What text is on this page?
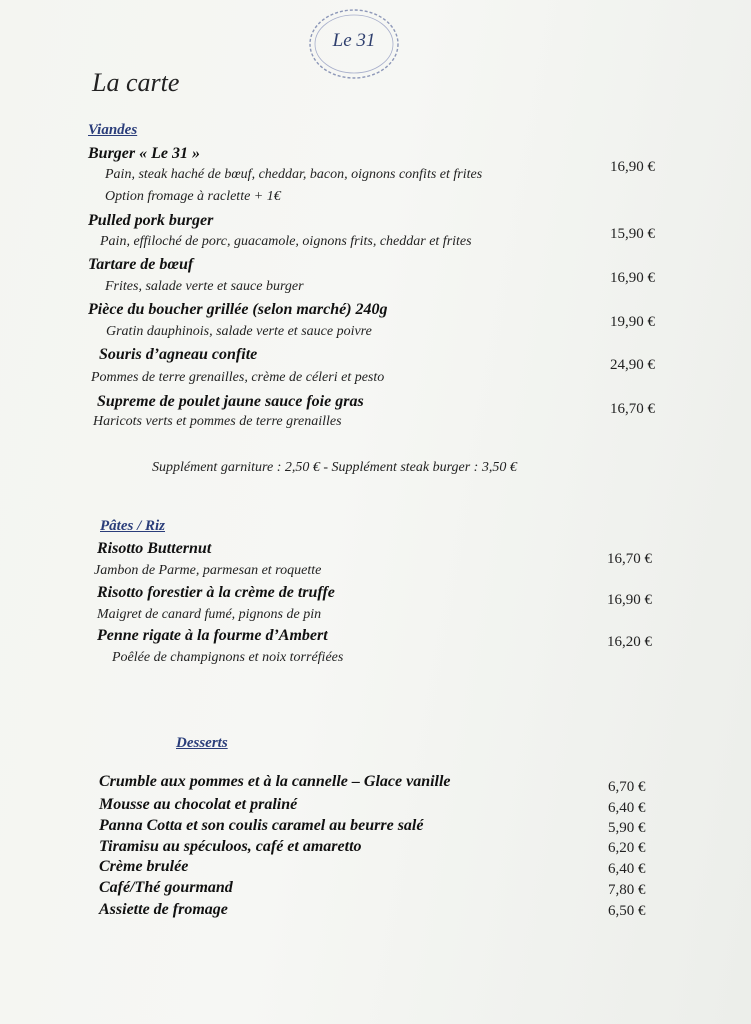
Le 31
La carte
Viandes
Burger « Le 31 »
Pain, steak haché de bœuf, cheddar, bacon, oignons confits et frites
Option fromage à raclette + 1€
16,90 €
Pulled pork burger
Pain, effiloché de porc, guacamole, oignons frits, cheddar et frites	15,90 €
Tartare de bœuf
Frites, salade verte et sauce burger
16,90 €
Pièce du boucher grillée (selon marché) 240g
Gratin dauphinois, salade verte et sauce poivre
19,90 €
Souris d’agneau confite
Pommes de terre grenailles, crème de céleri et pesto
24,90 €
Supreme de poulet jaune sauce foie gras
Haricots verts et pommes de terre grenailles
16,70 €
Supplément garniture : 2,50 € - Supplément steak burger : 3,50 €
Pâtes / Riz
Risotto Butternut
Jambon de Parme, parmesan et roquette
16,70 €
Risotto forestier à la crème de truffe
Maigret de canard fumé, pignons de pin
16,90 €
Penne rigate à la fourme d’Ambert
Poêlée de champignons et noix torréfiées
16,20 €
Desserts
Crumble aux pommes et à la cannelle – Glace vanille	6,70 €
Mousse au chocolat et praliné	6,40 €
Panna Cotta et son coulis caramel au beurre salé	5,90 €
Tiramisu au spéculoos, café et amaretto	6,20 €
Crème brulée	6,40 €
Café/Thé gourmand	7,80 €
Assiette de fromage	6,50 €
